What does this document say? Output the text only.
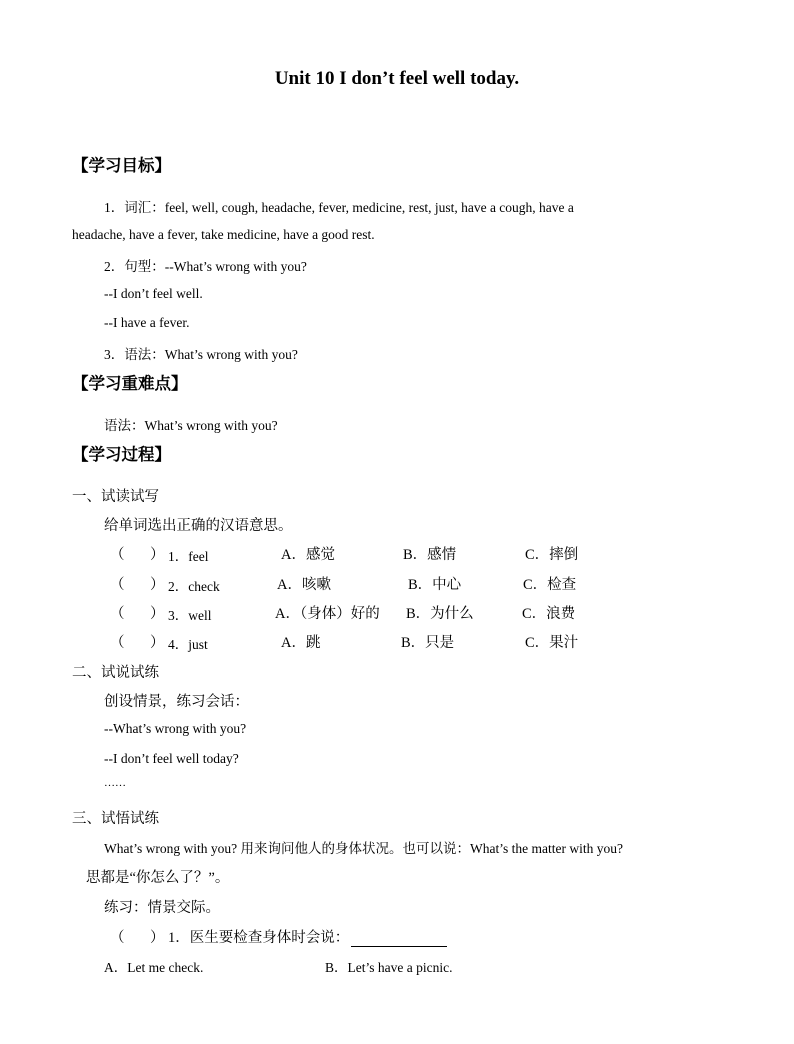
Unit 10 I don’t feel well today.
【学习目标】
1．词汇：feel, well, cough, headache, fever, medicine, rest, just, have a cough, have a
headache, have a fever, take medicine, have a good rest.
2．句型：--What’s wrong with you?
--I don’t feel well.
--I have a fever.
3．语法：What’s wrong with you?
【学习重难点】
语法：What’s wrong with you?
【学习过程】
一、试读试写
给单词选出正确的汉语意思。
（ ） 1．feel	A．感觉	B．感情	C．摔倒
（ ） 2．check	A．咳嗽	B．中心	C．检查
（ ） 3．well	A．（身体）好的 B．为什么	C．浪费
（ ） 4．just	A．跳	B．只是	C．果汁
二、试说试练
创设情景，练习会话：
--What’s wrong with you?
--I don’t feel well today?
……
三、试悟试练
What’s wrong with you? 用来询问他人的身体状况。也可以说：What’s the matter with you?
思都是“你怎么了？”。
练习：情景交际。
（ ） 1．医生要检查身体时会说：
A．Let me check.	B．Let’s have a picnic.
